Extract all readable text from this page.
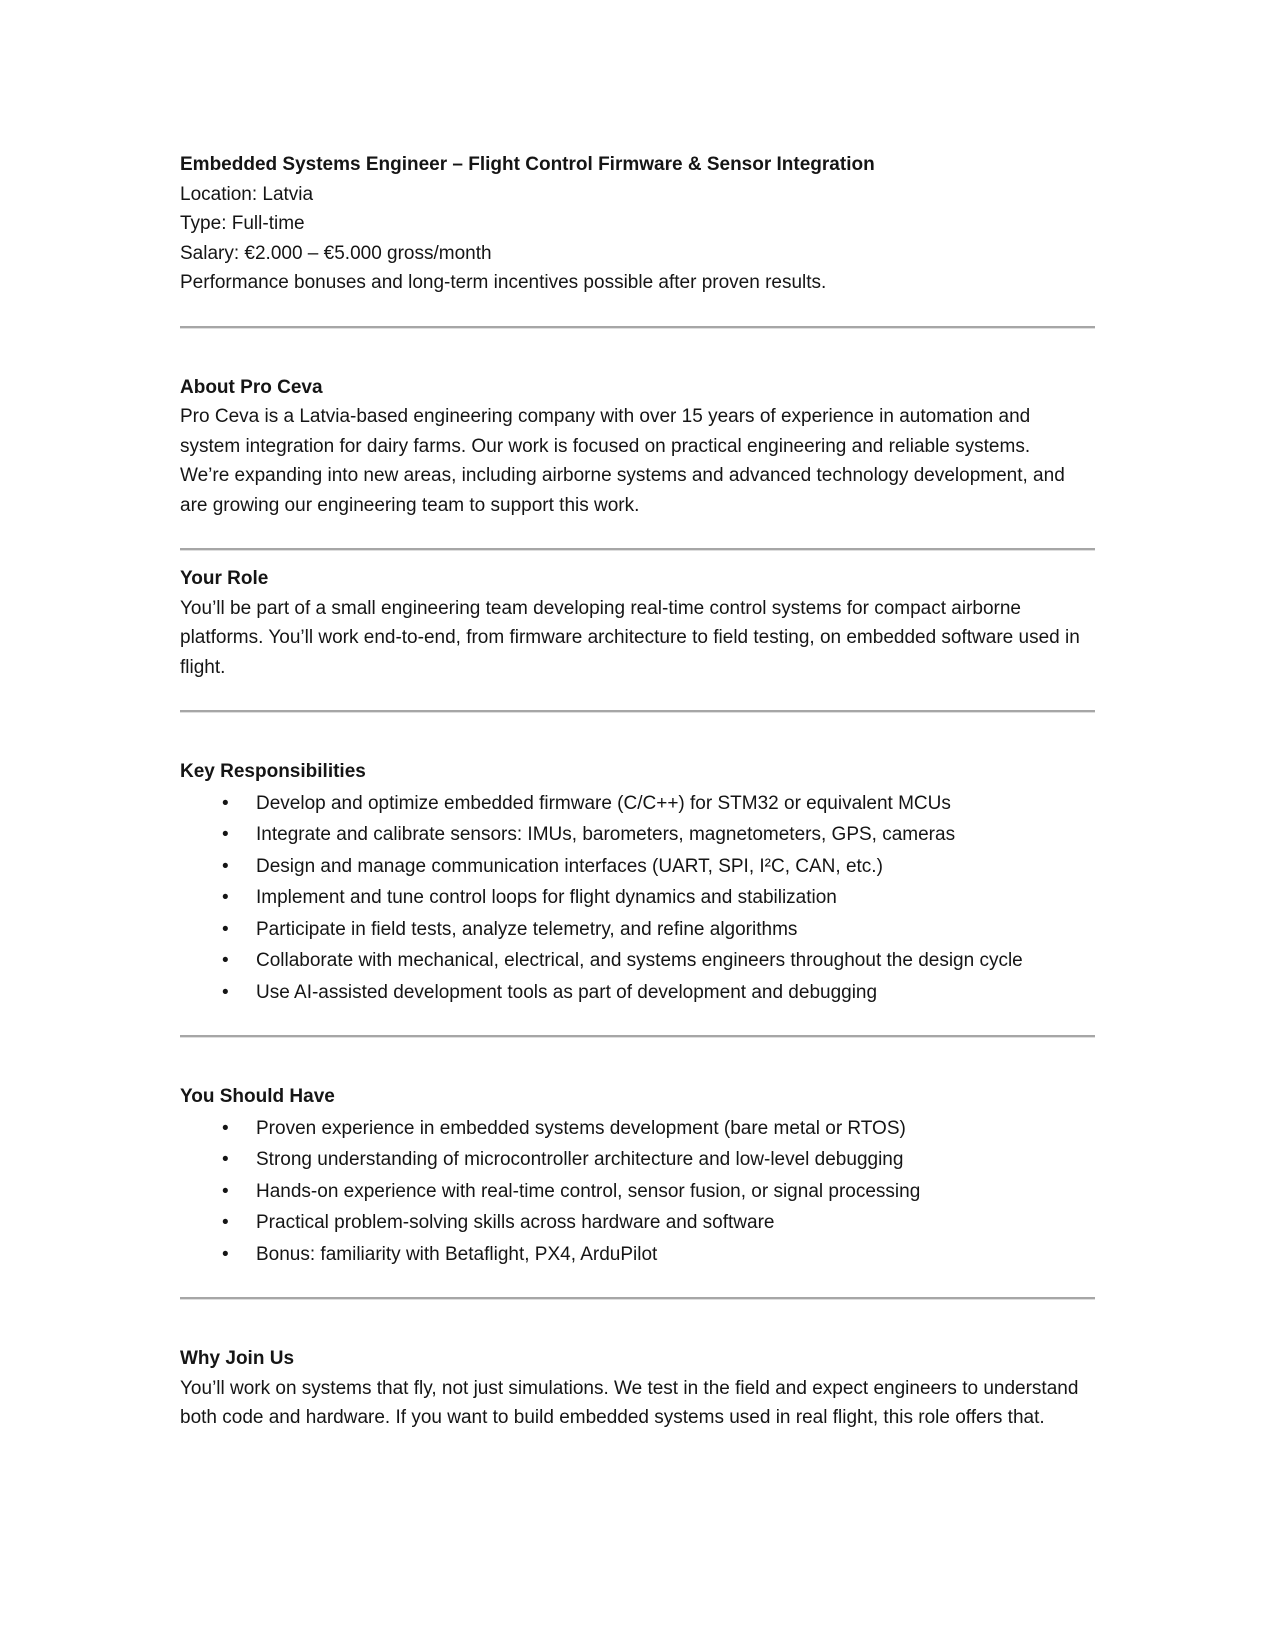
Embedded Systems Engineer – Flight Control Firmware & Sensor Integration

Location: Latvia

Type: Full-time

Salary: €2.000 – €5.000 gross/month

Performance bonuses and long-term incentives possible after proven results.

About Pro Ceva

Pro Ceva is a Latvia-based engineering company with over 15 years of experience in automation and system integration for dairy farms. Our work is focused on practical engineering and reliable systems.

We’re expanding into new areas, including airborne systems and advanced technology development, and are growing our engineering team to support this work.

Your Role

You’ll be part of a small engineering team developing real-time control systems for compact airborne platforms. You’ll work end-to-end, from firmware architecture to field testing, on embedded software used in flight.

Key Responsibilities
• Develop and optimize embedded firmware (C/C++) for STM32 or equivalent MCUs
• Integrate and calibrate sensors: IMUs, barometers, magnetometers, GPS, cameras
• Design and manage communication interfaces (UART, SPI, I²C, CAN, etc.)
• Implement and tune control loops for flight dynamics and stabilization
• Participate in field tests, analyze telemetry, and refine algorithms
• Collaborate with mechanical, electrical, and systems engineers throughout the design cycle
• Use AI-assisted development tools as part of development and debugging
You Should Have
• Proven experience in embedded systems development (bare metal or RTOS)
• Strong understanding of microcontroller architecture and low-level debugging
• Hands-on experience with real-time control, sensor fusion, or signal processing
• Practical problem-solving skills across hardware and software
• Bonus: familiarity with Betaflight, PX4, ArduPilot
Why Join Us

You’ll work on systems that fly, not just simulations. We test in the field and expect engineers to understand both code and hardware. If you want to build embedded systems used in real flight, this role offers that.
